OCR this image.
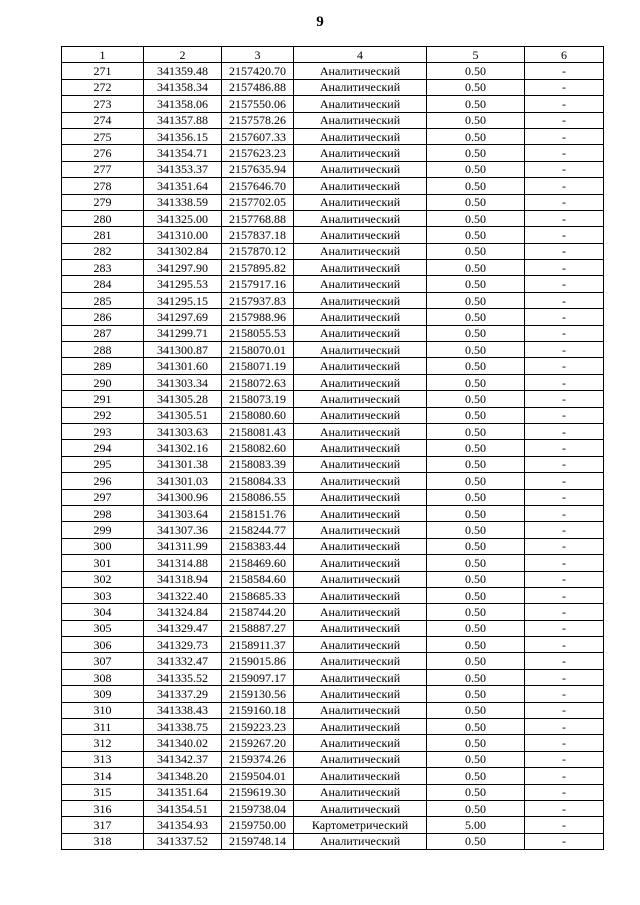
9
1	2	3	4	5	6
271	341359.48	2157420.70	Аналитический	0.50	-
272	341358.34	2157486.88	Аналитический	0.50	-
273	341358.06	2157550.06	Аналитический	0.50	-
274	341357.88	2157578.26	Аналитический	0.50	-
275	341356.15	2157607.33	Аналитический	0.50	-
276	341354.71	2157623.23	Аналитический	0.50	-
277	341353.37	2157635.94	Аналитический	0.50	-
278	341351.64	2157646.70	Аналитический	0.50	-
279	341338.59	2157702.05	Аналитический	0.50	-
280	341325.00	2157768.88	Аналитический	0.50	-
281	341310.00	2157837.18	Аналитический	0.50	-
282	341302.84	2157870.12	Аналитический	0.50	-
283	341297.90	2157895.82	Аналитический	0.50	-
284	341295.53	2157917.16	Аналитический	0.50	-
285	341295.15	2157937.83	Аналитический	0.50	-
286	341297.69	2157988.96	Аналитический	0.50	-
287	341299.71	2158055.53	Аналитический	0.50	-
288	341300.87	2158070.01	Аналитический	0.50	-
289	341301.60	2158071.19	Аналитический	0.50	-
290	341303.34	2158072.63	Аналитический	0.50	-
291	341305.28	2158073.19	Аналитический	0.50	-
292	341305.51	2158080.60	Аналитический	0.50	-
293	341303.63	2158081.43	Аналитический	0.50	-
294	341302.16	2158082.60	Аналитический	0.50	-
295	341301.38	2158083.39	Аналитический	0.50	-
296	341301.03	2158084.33	Аналитический	0.50	-
297	341300.96	2158086.55	Аналитический	0.50	-
298	341303.64	2158151.76	Аналитический	0.50	-
299	341307.36	2158244.77	Аналитический	0.50	-
300	341311.99	2158383.44	Аналитический	0.50	-
301	341314.88	2158469.60	Аналитический	0.50	-
302	341318.94	2158584.60	Аналитический	0.50	-
303	341322.40	2158685.33	Аналитический	0.50	-
304	341324.84	2158744.20	Аналитический	0.50	-
305	341329.47	2158887.27	Аналитический	0.50	-
306	341329.73	2158911.37	Аналитический	0.50	-
307	341332.47	2159015.86	Аналитический	0.50	-
308	341335.52	2159097.17	Аналитический	0.50	-
309	341337.29	2159130.56	Аналитический	0.50	-
310	341338.43	2159160.18	Аналитический	0.50	-
311	341338.75	2159223.23	Аналитический	0.50	-
312	341340.02	2159267.20	Аналитический	0.50	-
313	341342.37	2159374.26	Аналитический	0.50	-
314	341348.20	2159504.01	Аналитический	0.50	-
315	341351.64	2159619.30	Аналитический	0.50	-
316	341354.51	2159738.04	Аналитический	0.50	-
317	341354.93	2159750.00	Картометрический	5.00	-
318	341337.52	2159748.14	Аналитический	0.50	-
